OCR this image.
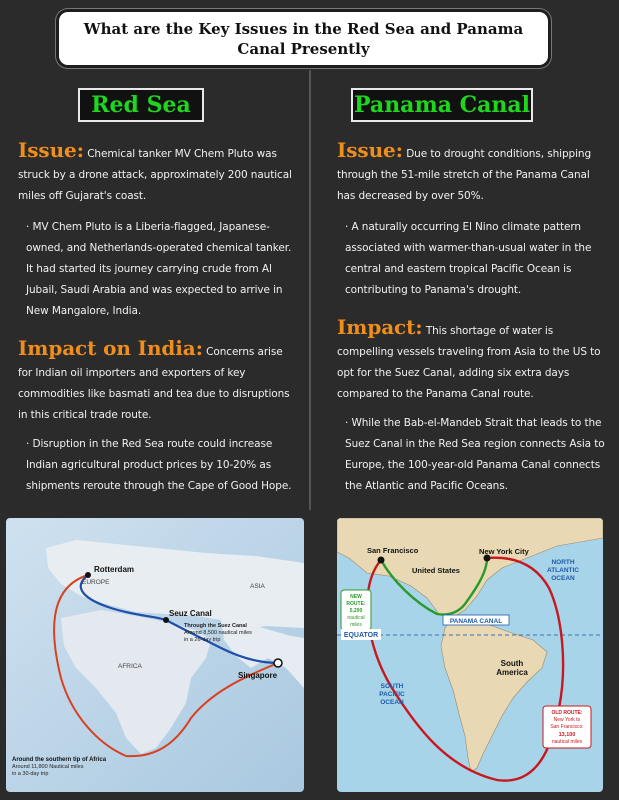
What are the Key Issues in the Red Sea and Panama Canal Presently
Red Sea

Issue: Chemical tanker MV Chem Pluto was struck by a drone attack, approximately 200 nautical miles off Gujarat's coast.

· MV Chem Pluto is a Liberia-flagged, Japanese-owned, and Netherlands-operated chemical tanker. It had started its journey carrying crude from Al Jubail, Saudi Arabia and was expected to arrive in New Mangalore, India.

Impact on India: Concerns arise for Indian oil importers and exporters of key commodities like basmati and tea due to disruptions in this critical trade route.

· Disruption in the Red Sea route could increase Indian agricultural product prices by 10-20% as shipments reroute through the Cape of Good Hope.

Panama Canal

Issue: Due to drought conditions, shipping through the 51-mile stretch of the Panama Canal has decreased by over 50%.

· A naturally occurring El Nino climate pattern associated with warmer-than-usual water in the central and eastern tropical Pacific Ocean is contributing to Panama's drought.

Impact: This shortage of water is compelling vessels traveling from Asia to the US to opt for the Suez Canal, adding six extra days compared to the Panama Canal route.

· While the Bab-el-Mandeb Strait that leads to the Suez Canal in the Red Sea region connects Asia to Europe, the 100-year-old Panama Canal connects the Atlantic and Pacific Oceans.

Rotterdam
EUROPE
ASIA
Seuz Canal
Through the Suez Canal
Around 8,500 nautical miles
in a 26-day trip
AFRICA
Singapore
Around the southern tip of Africa
Around 11,800 Nautical miles
in a 30-day trip
San Francisco
United States
New York City
NORTH
ATLANTIC
OCEAN
NEW
ROUTE:
5,200
nautical
miles	PANAMA CANAL
EQUATOR
South
America
SOUTH
PACIFIC
OCEAN
OLD ROUTE:
New York to
San Francisco:
13,100
nautical miles
